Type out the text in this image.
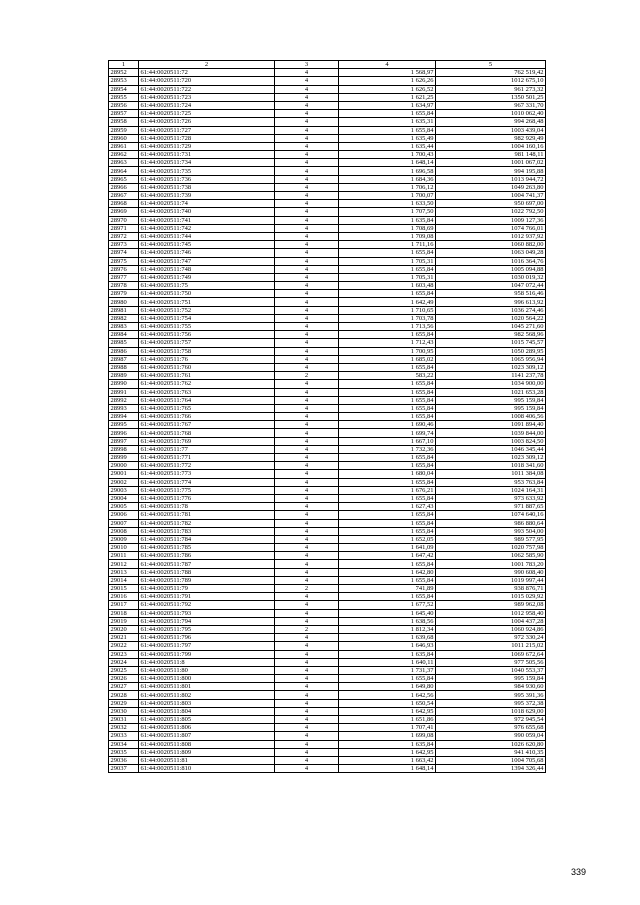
1	2	3	4	5
28952	61:44:0020511:72	4	1 568,97	762 519,42
28953	61:44:0020511:720	4	1 626,26	1012 675,10
28954	61:44:0020511:722	4	1 626,52	961 273,32
28955	61:44:0020511:723	4	1 621,25	1350 501,25
28956	61:44:0020511:724	4	1 634,97	967 331,70
28957	61:44:0020511:725	4	1 655,84	1010 062,40
28958	61:44:0020511:726	4	1 635,31	994 268,48
28959	61:44:0020511:727	4	1 655,84	1003 439,04
28960	61:44:0020511:728	4	1 635,49	982 929,49
28961	61:44:0020511:729	4	1 635,44	1004 160,16
28962	61:44:0020511:731	4	1 700,43	981 148,11
28963	61:44:0020511:734	4	1 648,14	1001 067,02
28964	61:44:0020511:735	4	1 696,58	994 195,88
28965	61:44:0020511:736	4	1 684,36	1013 944,72
28966	61:44:0020511:738	4	1 706,12	1049 263,80
28967	61:44:0020511:739	4	1 700,07	1004 741,37
28968	61:44:0020511:74	4	1 633,50	950 697,00
28969	61:44:0020511:740	4	1 707,50	1022 792,50
28970	61:44:0020511:741	4	1 635,84	1009 127,36
28971	61:44:0020511:742	4	1 708,69	1074 766,01
28972	61:44:0020511:744	4	1 709,08	1012 937,92
28973	61:44:0020511:745	4	1 711,16	1060 882,00
28974	61:44:0020511:746	4	1 655,84	1063 049,28
28975	61:44:0020511:747	4	1 705,31	1016 364,76
28976	61:44:0020511:748	4	1 655,84	1005 094,88
28977	61:44:0020511:749	4	1 705,31	1030 019,32
28978	61:44:0020511:75	4	1 603,48	1047 072,44
28979	61:44:0020511:750	4	1 655,84	958 516,46
28980	61:44:0020511:751	4	1 642,49	996 613,92
28981	61:44:0020511:752	4	1 710,65	1036 274,46
28982	61:44:0020511:754	4	1 703,78	1020 564,22
28983	61:44:0020511:755	4	1 713,56	1045 271,60
28984	61:44:0020511:756	4	1 655,84	982 568,96
28985	61:44:0020511:757	4	1 712,43	1015 745,57
28986	61:44:0020511:758	4	1 700,95	1050 289,95
28987	61:44:0020511:76	4	1 685,02	1065 956,94
28988	61:44:0020511:760	4	1 655,84	1023 309,12
28989	61:44:0020511:761	2	583,22	1141 237,78
28990	61:44:0020511:762	4	1 655,84	1034 900,00
28991	61:44:0020511:763	4	1 655,84	1021 653,28
28992	61:44:0020511:764	4	1 655,84	995 159,84
28993	61:44:0020511:765	4	1 655,84	995 159,84
28994	61:44:0020511:766	4	1 655,84	1008 406,56
28995	61:44:0020511:767	4	1 690,46	1091 894,40
28996	61:44:0020511:768	4	1 699,74	1039 844,00
28997	61:44:0020511:769	4	1 667,10	1003 824,50
28998	61:44:0020511:77	4	1 732,36	1046 345,44
28999	61:44:0020511:771	4	1 655,84	1023 309,12
29000	61:44:0020511:772	4	1 655,84	1018 341,60
29001	61:44:0020511:773	4	1 680,04	1011 384,08
29002	61:44:0020511:774	4	1 655,84	953 763,84
29003	61:44:0020511:775	4	1 676,21	1024 164,31
29004	61:44:0020511:776	4	1 655,84	973 633,92
29005	61:44:0020511:78	4	1 627,43	971 887,65
29006	61:44:0020511:781	4	1 655,84	1074 640,16
29007	61:44:0020511:782	4	1 655,84	986 880,64
29008	61:44:0020511:783	4	1 655,84	993 504,00
29009	61:44:0020511:784	4	1 652,05	989 577,95
29010	61:44:0020511:785	4	1 641,09	1020 757,98
29011	61:44:0020511:786	4	1 647,42	1062 585,90
29012	61:44:0020511:787	4	1 655,84	1001 783,20
29013	61:44:0020511:788	4	1 642,80	990 608,40
29014	61:44:0020511:789	4	1 655,84	1019 997,44
29015	61:44:0020511:79	2	741,89	938 876,71
29016	61:44:0020511:791	4	1 655,84	1015 029,92
29017	61:44:0020511:792	4	1 677,52	989 962,08
29018	61:44:0020511:793	4	1 645,40	1012 958,40
29019	61:44:0020511:794	4	1 638,56	1004 437,28
29020	61:44:0020511:795	2	1 812,34	1060 924,86
29021	61:44:0020511:796	4	1 639,68	972 330,24
29022	61:44:0020511:797	4	1 646,93	1011 215,02
29023	61:44:0020511:799	4	1 635,84	1069 672,64
29024	61:44:0020511:8	4	1 640,11	977 505,56
29025	61:44:0020511:80	4	1 731,37	1040 553,37
29026	61:44:0020511:800	4	1 655,84	995 159,84
29027	61:44:0020511:801	4	1 649,80	984 930,60
29028	61:44:0020511:802	4	1 642,56	995 391,36
29029	61:44:0020511:803	4	1 650,54	995 372,38
29030	61:44:0020511:804	4	1 642,95	1018 629,00
29031	61:44:0020511:805	4	1 651,86	972 945,54
29032	61:44:0020511:806	4	1 707,41	976 655,68
29033	61:44:0020511:807	4	1 699,08	990 059,04
29034	61:44:0020511:808	4	1 635,84	1026 620,80
29035	61:44:0020511:809	4	1 642,95	941 410,35
29036	61:44:0020511:81	4	1 663,42	1004 705,68
29037	61:44:0020511:810	4	1 648,14	1394 326,44
339
